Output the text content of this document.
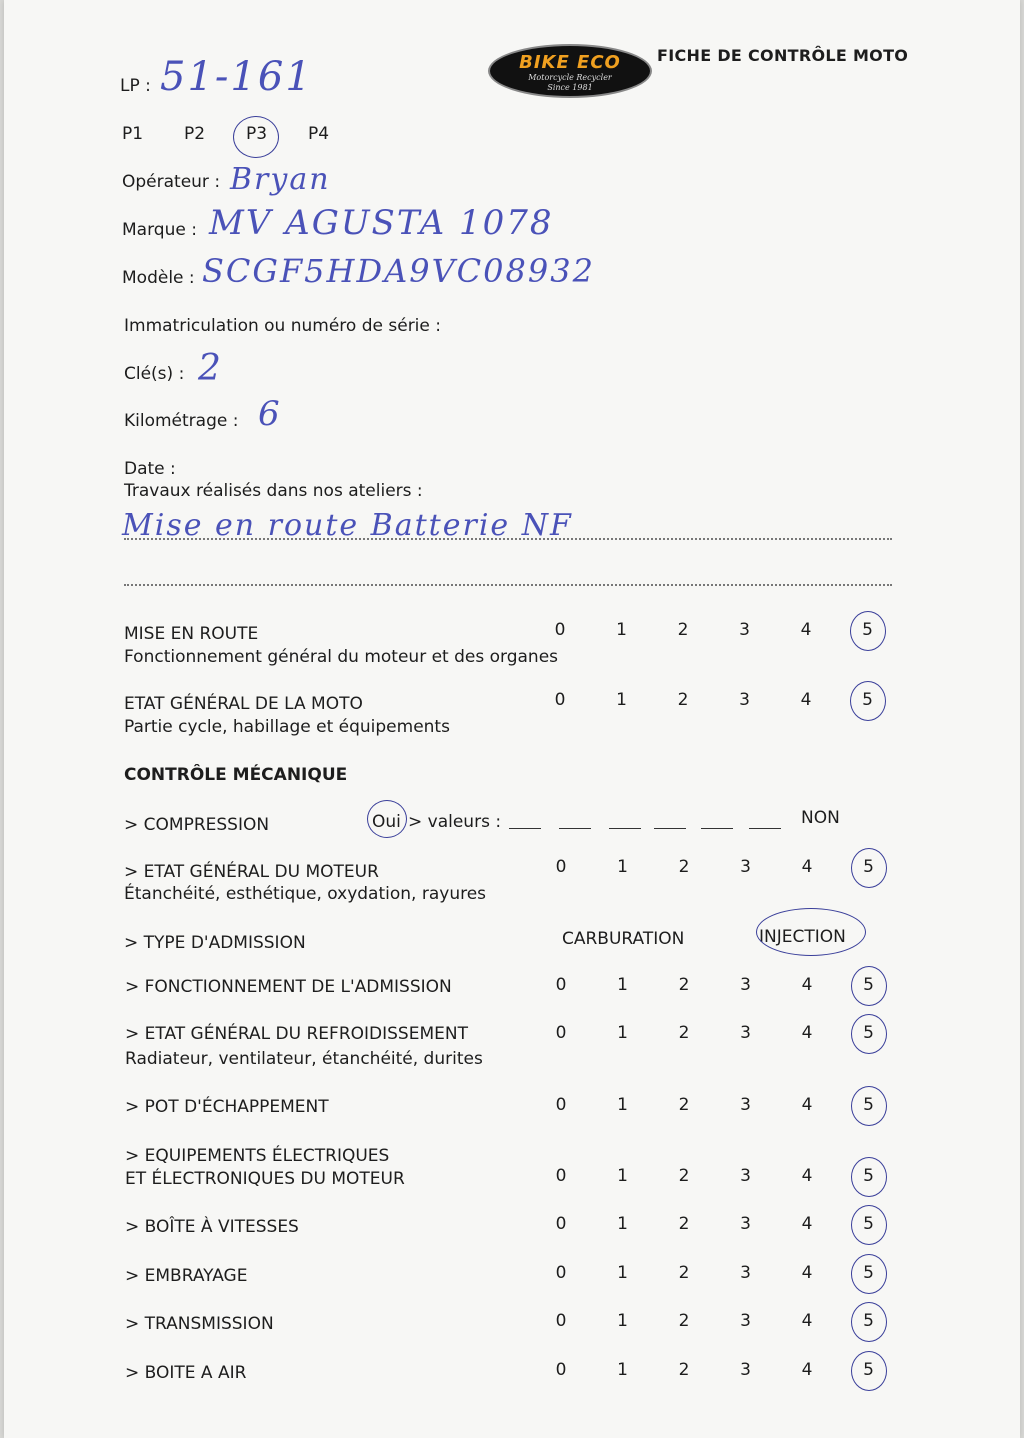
LP : 51-161	BIKE ECO
Motorcycle Recycler
Since 1981
FICHE DE CONTRÔLE MOTO
P1 P2 P3 P4
Opérateur : Bryan
Marque : MV AGUSTA 1078
Modèle : SCGF5HDA9VC08932
Immatriculation ou numéro de série :
Clé(s) : 2
Kilométrage : 6
Date :
Travaux réalisés dans nos ateliers :
Mise en route Batterie NF
MISE EN ROUTE
Fonctionnement général du moteur et des organes
0	1	2	3	4	5
ETAT GÉNÉRAL DE LA MOTO
Partie cycle, habillage et équipements
0	1	2	3	4	5
CONTRÔLE MÉCANIQUE
> COMPRESSION	Oui > valeurs :	NON
> ETAT GÉNÉRAL DU MOTEUR
Étanchéité, esthétique, oxydation, rayures
0	1	2	3	4	5
> TYPE D'ADMISSION	CARBURATION	INJECTION
> FONCTIONNEMENT DE L'ADMISSION	0	1	2	3	4	5
> ETAT GÉNÉRAL DU REFROIDISSEMENT
Radiateur, ventilateur, étanchéité, durites
0	1	2	3	4	5
> POT D'ÉCHAPPEMENT	0	1	2	3	4	5
> EQUIPEMENTS ÉLECTRIQUES
ET ÉLECTRONIQUES DU MOTEUR	0	1	2	3	4	5
> BOÎTE À VITESSES	0	1	2	3	4	5
> EMBRAYAGE	0	1	2	3	4	5
> TRANSMISSION	0	1	2	3	4	5
> BOITE A AIR	0	1	2	3	4	5
